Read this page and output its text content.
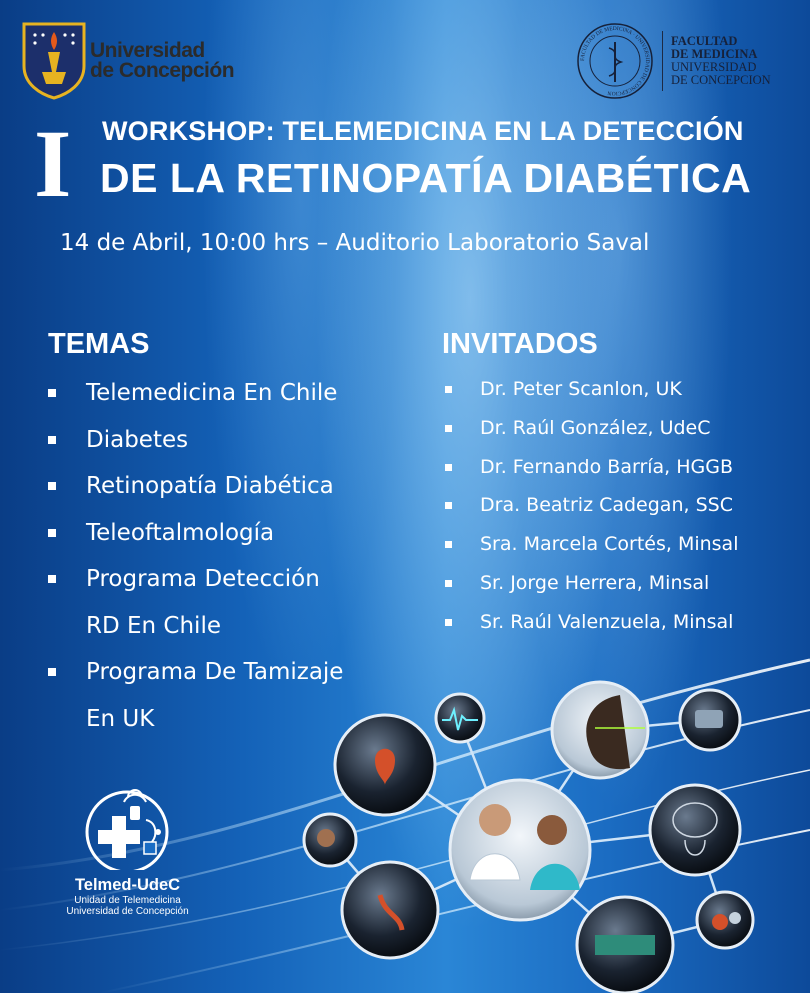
Universidad
de Concepción	FACULTAD DE MEDICINA · UNIVERSIDAD DE CONCEPCION
FACULTAD
DE MEDICINA
UNIVERSIDAD
DE CONCEPCION
I WORKSHOP: TELEMEDICINA EN LA DETECCIÓN
DE LA RETINOPATÍA DIABÉTICA
14 de Abril, 10:00 hrs – Auditorio Laboratorio Saval
TEMAS
Telemedicina En Chile
Diabetes
Retinopatía Diabética
Teleoftalmología
Programa Detección
RD En Chile
Programa De Tamizaje
En UK
INVITADOS
Dr. Peter Scanlon, UK
Dr. Raúl González, UdeC
Dr. Fernando Barría, HGGB
Dra. Beatriz Cadegan, SSC
Sra. Marcela Cortés, Minsal
Sr. Jorge Herrera, Minsal
Sr. Raúl Valenzuela, Minsal
Telmed-UdeC
Unidad de Telemedicina
Universidad de Concepción
